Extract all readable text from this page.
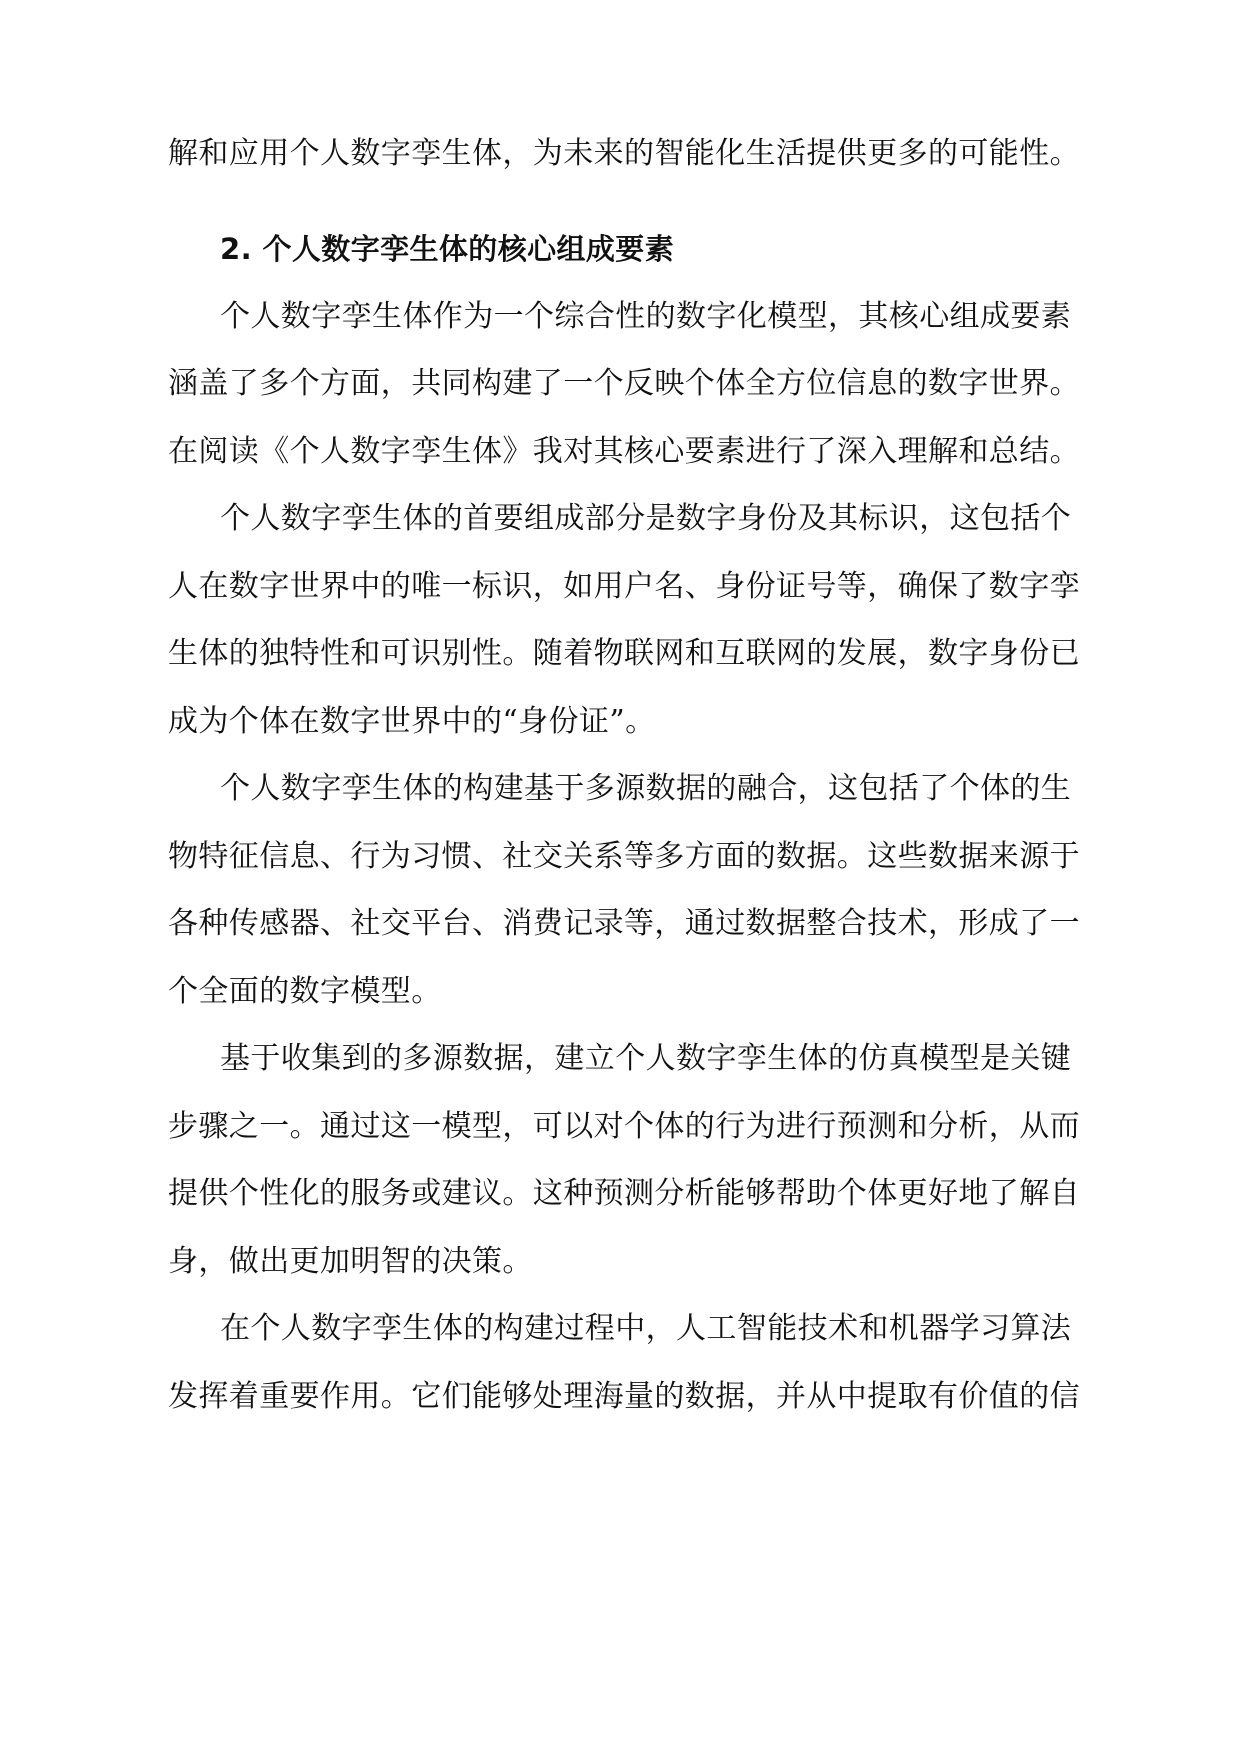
解和应用个人数字孪生体，为未来的智能化生活提供更多的可能性。
2. 个人数字孪生体的核心组成要素
个人数字孪生体作为一个综合性的数字化模型，其核心组成要素
涵盖了多个方面，共同构建了一个反映个体全方位信息的数字世界。
在阅读《个人数字孪生体》我对其核心要素进行了深入理解和总结。
个人数字孪生体的首要组成部分是数字身份及其标识，这包括个
人在数字世界中的唯一标识，如用户名、身份证号等，确保了数字孪
生体的独特性和可识别性。随着物联网和互联网的发展，数字身份已
成为个体在数字世界中的“身份证”。
个人数字孪生体的构建基于多源数据的融合，这包括了个体的生
物特征信息、行为习惯、社交关系等多方面的数据。这些数据来源于
各种传感器、社交平台、消费记录等，通过数据整合技术，形成了一
个全面的数字模型。
基于收集到的多源数据，建立个人数字孪生体的仿真模型是关键
步骤之一。通过这一模型，可以对个体的行为进行预测和分析，从而
提供个性化的服务或建议。这种预测分析能够帮助个体更好地了解自
身，做出更加明智的决策。
在个人数字孪生体的构建过程中，人工智能技术和机器学习算法
发挥着重要作用。它们能够处理海量的数据，并从中提取有价值的信
